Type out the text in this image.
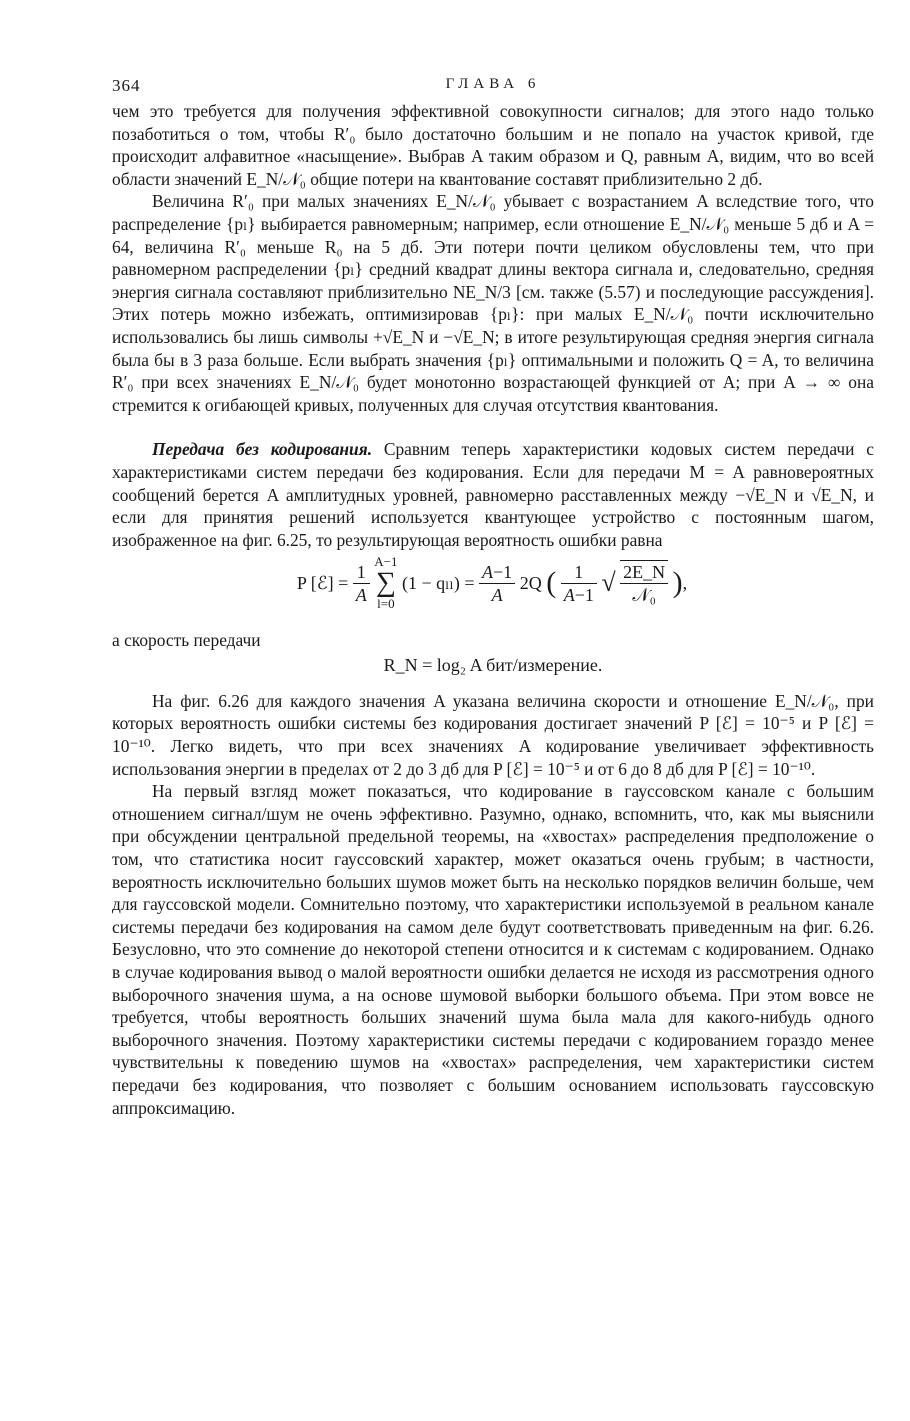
364	ГЛАВА 6

чем это требуется для получения эффективной совокупности сигналов; для этого надо только позаботиться о том, чтобы R′₀ было достаточно большим и не попало на участок кривой, где происходит алфавитное «насыщение». Выбрав A таким образом и Q, равным A, видим, что во всей области значений E_N/𝒩₀ общие потери на квантование составят приблизительно 2 дб.

Величина R′₀ при малых значениях E_N/𝒩₀ убывает с возрастанием A вследствие того, что распределение {pₗ} выбирается равномерным; например, если отношение E_N/𝒩₀ меньше 5 дб и A = 64, величина R′₀ меньше R₀ на 5 дб. Эти потери почти целиком обусловлены тем, что при равномерном распределении {pₗ} средний квадрат длины вектора сигнала и, следовательно, средняя энергия сигнала составляют приблизительно NE_N/3 [см. также (5.57) и последующие рассуждения]. Этих потерь можно избежать, оптимизировав {pₗ}: при малых E_N/𝒩₀ почти исключительно использовались бы лишь символы +√E_N и −√E_N; в итоге результирующая средняя энергия сигнала была бы в 3 раза больше. Если выбрать значения {pₗ} оптимальными и положить Q = A, то величина R′₀ при всех значениях E_N/𝒩₀ будет монотонно возрастающей функцией от A; при A → ∞ она стремится к огибающей кривых, полученных для случая отсутствия квантования.

Передача без кодирования. Сравним теперь характеристики кодовых систем передачи с характеристиками систем передачи без кодирования. Если для передачи M = A равновероятных сообщений берется A амплитудных уровней, равномерно расставленных между −√E_N и √E_N, и если для принятия решений используется квантующее устройство с постоянным шагом, изображенное на фиг. 6.25, то результирующая вероятность ошибки равна

P [ℰ] = $\frac{1}{A} A-1$
∑
l=0 $(1 - q_{ll}) = \frac{A-1}{A} 2Q$ ( $\frac{1}{A-1}$ √ $\frac{2E\_N}{\text{𝒩₀}}$ ),

а скорость передачи

R_N = log₂ A бит/измерение.

На фиг. 6.26 для каждого значения A указана величина скорости и отношение E_N/𝒩₀, при которых вероятность ошибки системы без кодирования достигает значений P [ℰ] = 10⁻⁵ и P [ℰ] = 10⁻¹⁰. Легко видеть, что при всех значениях A кодирование увеличивает эффективность использования энергии в пределах от 2 до 3 дб для P [ℰ] = 10⁻⁵ и от 6 до 8 дб для P [ℰ] = 10⁻¹⁰.

На первый взгляд может показаться, что кодирование в гауссовском канале с большим отношением сигнал/шум не очень эффективно. Разумно, однако, вспомнить, что, как мы выяснили при обсуждении центральной предельной теоремы, на «хвостах» распределения предположение о том, что статистика носит гауссовский характер, может оказаться очень грубым; в частности, вероятность исключительно больших шумов может быть на несколько порядков величин больше, чем для гауссовской модели. Сомнительно поэтому, что характеристики используемой в реальном канале системы передачи без кодирования на самом деле будут соответствовать приведенным на фиг. 6.26. Безусловно, что это сомнение до некоторой степени относится и к системам с кодированием. Однако в случае кодирования вывод о малой вероятности ошибки делается не исходя из рассмотрения одного выборочного значения шума, а на основе шумовой выборки большого объема. При этом вовсе не требуется, чтобы вероятность больших значений шума была мала для какого-нибудь одного выборочного значения. Поэтому характеристики системы передачи с кодированием гораздо менее чувствительны к поведению шумов на «хвостах» распределения, чем характеристики систем передачи без кодирования, что позволяет с большим основанием использовать гауссовскую аппроксимацию.
